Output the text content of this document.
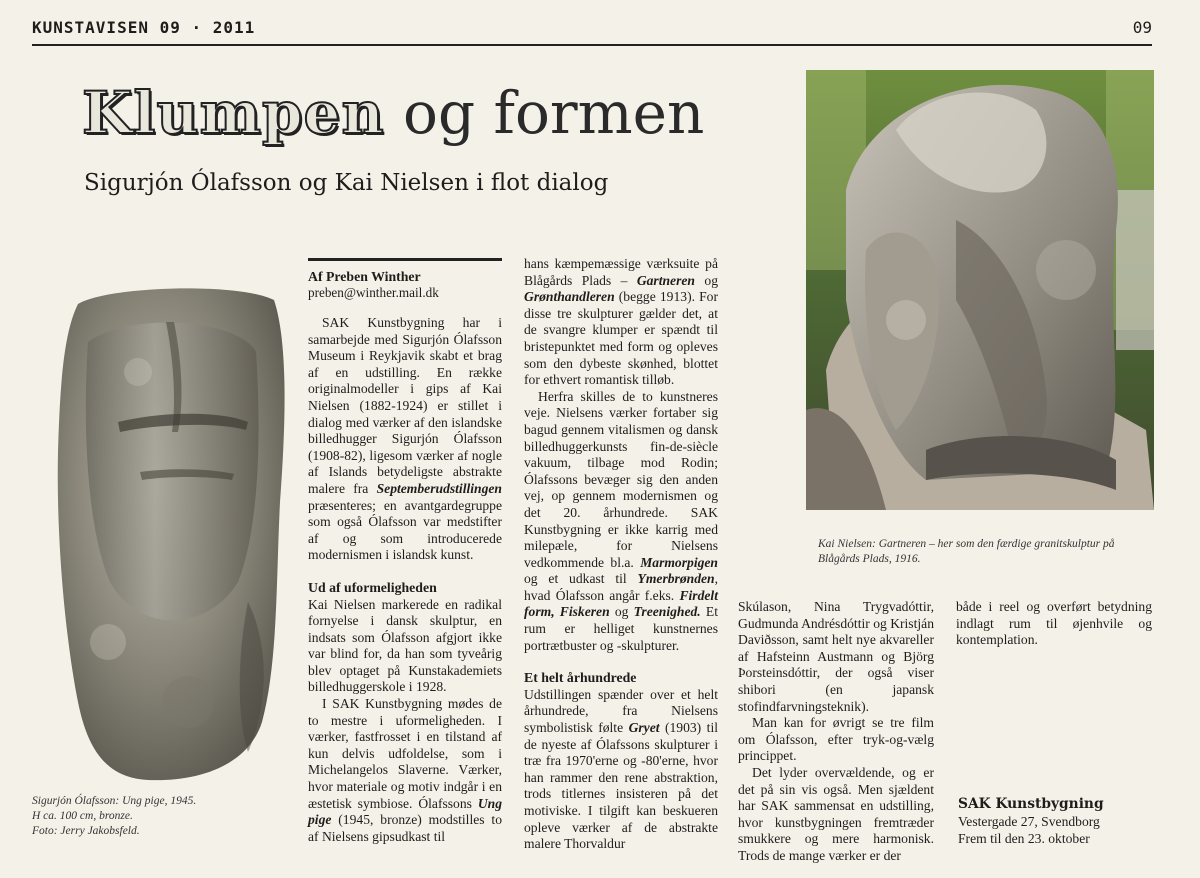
KUNSTAVISEN 09 · 2011	09
Klumpen og formen
Sigurjón Ólafsson og Kai Nielsen i flot dialog
Sigurjón Ólafsson: Ung pige, 1945.
H ca. 100 cm, bronze.
Foto: Jerry Jakobsfeld.
Kai Nielsen: Gartneren – her som den færdige granitskulptur på Blågårds Plads, 1916.
Af Preben Winther
preben@winther.mail.dk

SAK Kunstbygning har i samarbejde med Sigurjón Ólafsson Museum i Reykjavik skabt et brag af en udstilling. En række originalmodeller i gips af Kai Nielsen (1882-1924) er stillet i dialog med værker af den islandske billedhugger Sigurjón Ólafsson (1908-82), ligesom værker af nogle af Islands betydeligste abstrakte malere fra Septemberudstillingen præsenteres; en avantgardegruppe som også Ólafsson var medstifter af og som introducerede modernismen i islandsk kunst.

Ud af uformeligheden

Kai Nielsen markerede en radikal fornyelse i dansk skulptur, en indsats som Ólafsson afgjort ikke var blind for, da han som tyveårig blev optaget på Kunstakademiets billedhuggerskole i 1928.

I SAK Kunstbygning mødes de to mestre i uformeligheden. I værker, fastfrosset i en tilstand af kun delvis udfoldelse, som i Michelangelos Slaverne. Værker, hvor materiale og motiv indgår i en æstetisk symbiose. Ólafssons Ung pige (1945, bronze) modstilles to af Nielsens gipsudkast til

hans kæmpemæssige værksuite på Blågårds Plads – Gartneren og Grønthandleren (begge 1913). For disse tre skulpturer gælder det, at de svangre klumper er spændt til bristepunktet med form og opleves som den dybeste skønhed, blottet for ethvert romantisk tilløb.

Herfra skilles de to kunstneres veje. Nielsens værker fortaber sig bagud gennem vitalismen og dansk billedhuggerkunsts fin-de-siècle vakuum, tilbage mod Rodin; Ólafssons bevæger sig den anden vej, op gennem modernismen og det 20. århundrede. SAK Kunstbygning er ikke karrig med milepæle, for Nielsens vedkommende bl.a. Marmorpigen og et udkast til Ymerbrønden, hvad Ólafsson angår f.eks. Firdelt form, Fiskeren og Treenighed. Et rum er helliget kunstnernes portrætbuster og -skulpturer.

Et helt århundrede

Udstillingen spænder over et helt århundrede, fra Nielsens symbolistisk følte Gryet (1903) til de nyeste af Ólafssons skulpturer i træ fra 1970'erne og -80'erne, hvor han rammer den rene abstraktion, trods titlernes insisteren på det motiviske. I tilgift kan beskueren opleve værker af de abstrakte malere Thorvaldur

Skúlason, Nina Trygvadóttir, Gudmunda Andrésdóttir og Kristján Daviðsson, samt helt nye akvareller af Hafsteinn Austmann og Björg Þorsteinsdóttir, der også viser shibori (en japansk stofindfarvningsteknik).

Man kan for øvrigt se tre film om Ólafsson, efter tryk-og-vælg princippet.

Det lyder overvældende, og er det på sin vis også. Men sjældent har SAK sammensat en udstilling, hvor kunstbygningen fremtræder smukkere og mere harmonisk. Trods de mange værker er der

både i reel og overført betydning indlagt rum til øjenhvile og kontemplation.

SAK Kunstbygning
Vestergade 27, Svendborg
Frem til den 23. oktober
